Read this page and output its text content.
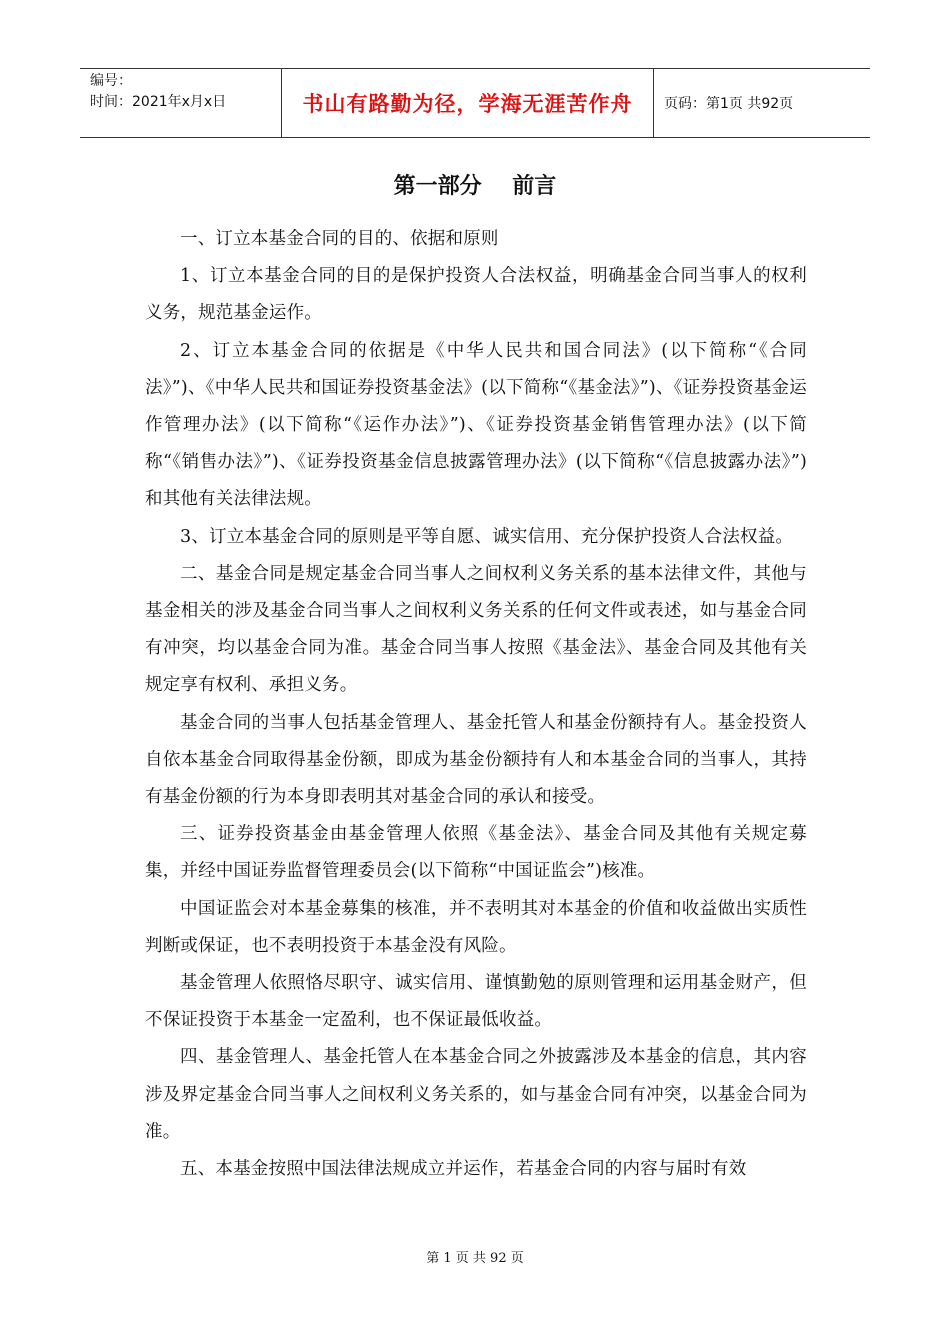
编号：
时间：2021年x月x日	书山有路勤为径，学海无涯苦作舟	页码：第1页 共92页
第一部分    前言

一、订立本基金合同的目的、依据和原则

1、订立本基金合同的目的是保护投资人合法权益，明确基金合同当事人的权利义务，规范基金运作。

2、订立本基金合同的依据是《中华人民共和国合同法》(以下简称“《合同法》”)、《中华人民共和国证券投资基金法》(以下简称“《基金法》”)、《证券投资基金运作管理办法》(以下简称“《运作办法》”)、《证券投资基金销售管理办法》(以下简称“《销售办法》”)、《证券投资基金信息披露管理办法》(以下简称“《信息披露办法》”)和其他有关法律法规。

3、订立本基金合同的原则是平等自愿、诚实信用、充分保护投资人合法权益。

二、基金合同是规定基金合同当事人之间权利义务关系的基本法律文件，其他与基金相关的涉及基金合同当事人之间权利义务关系的任何文件或表述，如与基金合同有冲突，均以基金合同为准。基金合同当事人按照《基金法》、基金合同及其他有关规定享有权利、承担义务。

基金合同的当事人包括基金管理人、基金托管人和基金份额持有人。基金投资人自依本基金合同取得基金份额，即成为基金份额持有人和本基金合同的当事人，其持有基金份额的行为本身即表明其对基金合同的承认和接受。

三、证券投资基金由基金管理人依照《基金法》、基金合同及其他有关规定募集，并经中国证券监督管理委员会(以下简称“中国证监会”)核准。

中国证监会对本基金募集的核准，并不表明其对本基金的价值和收益做出实质性判断或保证，也不表明投资于本基金没有风险。

基金管理人依照恪尽职守、诚实信用、谨慎勤勉的原则管理和运用基金财产，但不保证投资于本基金一定盈利，也不保证最低收益。

四、基金管理人、基金托管人在本基金合同之外披露涉及本基金的信息，其内容涉及界定基金合同当事人之间权利义务关系的，如与基金合同有冲突，以基金合同为准。

五、本基金按照中国法律法规成立并运作，若基金合同的内容与届时有效

第 1 页 共 92 页
